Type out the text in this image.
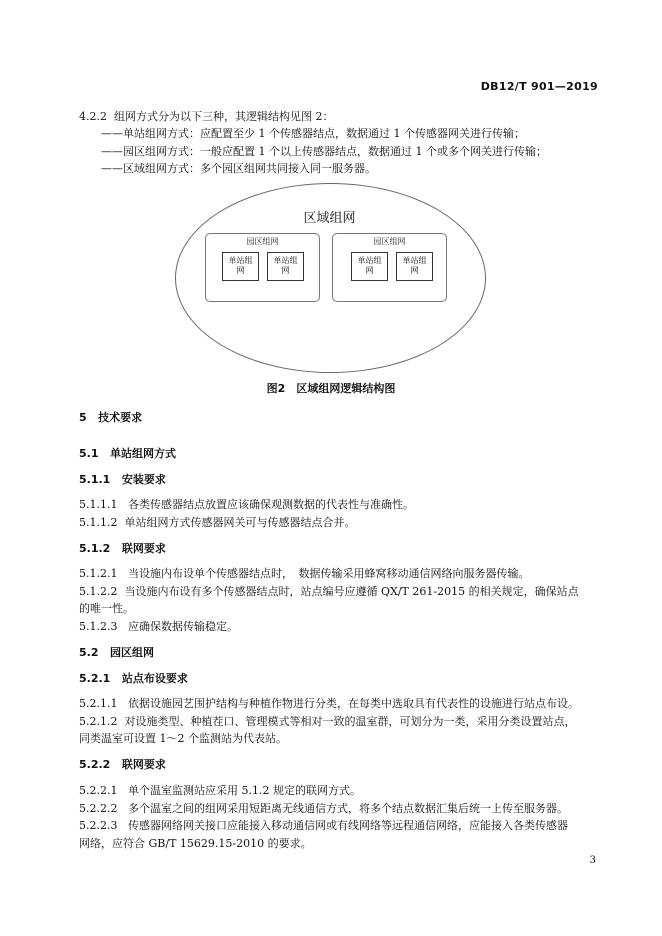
DB12/T 901—2019
4.2.2 组网方式分为以下三种，其逻辑结构见图 2：
——单站组网方式：应配置至少 1 个传感器结点，数据通过 1 个传感器网关进行传输；
——园区组网方式：一般应配置 1 个以上传感器结点，数据通过 1 个或多个网关进行传输；
——区域组网方式：多个园区组网共同接入同一服务器。
区域组网
园区组网
单站组
网
单站组
网
园区组网
单站组
网
单站组
网
图2　区域组网逻辑结构图
5 技术要求
5.1 单站组网方式
5.1.1 安装要求
5.1.1.1 各类传感器结点放置应该确保观测数据的代表性与准确性。
5.1.1.2 单站组网方式传感器网关可与传感器结点合并。
5.1.2 联网要求
5.1.2.1 当设施内布设单个传感器结点时，　数据传输采用蜂窝移动通信网络向服务器传输。
5.1.2.2 当设施内布设有多个传感器结点时，站点编号应遵循 QX/T 261-2015 的相关规定，确保站点
的唯一性。
5.1.2.3 应确保数据传输稳定。
5.2 园区组网
5.2.1 站点布设要求
5.2.1.1 依据设施园艺围护结构与种植作物进行分类，在每类中选取具有代表性的设施进行站点布设。
5.2.1.2 对设施类型、种植茬口、管理模式等相对一致的温室群，可划分为一类，采用分类设置站点，
同类温室可设置 1～2 个监测站为代表站。
5.2.2 联网要求
5.2.2.1 单个温室监测站应采用 5.1.2 规定的联网方式。
5.2.2.2 多个温室之间的组网采用短距离无线通信方式，将多个结点数据汇集后统一上传至服务器。
5.2.2.3 传感器网络网关接口应能接入移动通信网或有线网络等远程通信网络，应能接入各类传感器
网络，应符合 GB/T 15629.15-2010 的要求。
3
